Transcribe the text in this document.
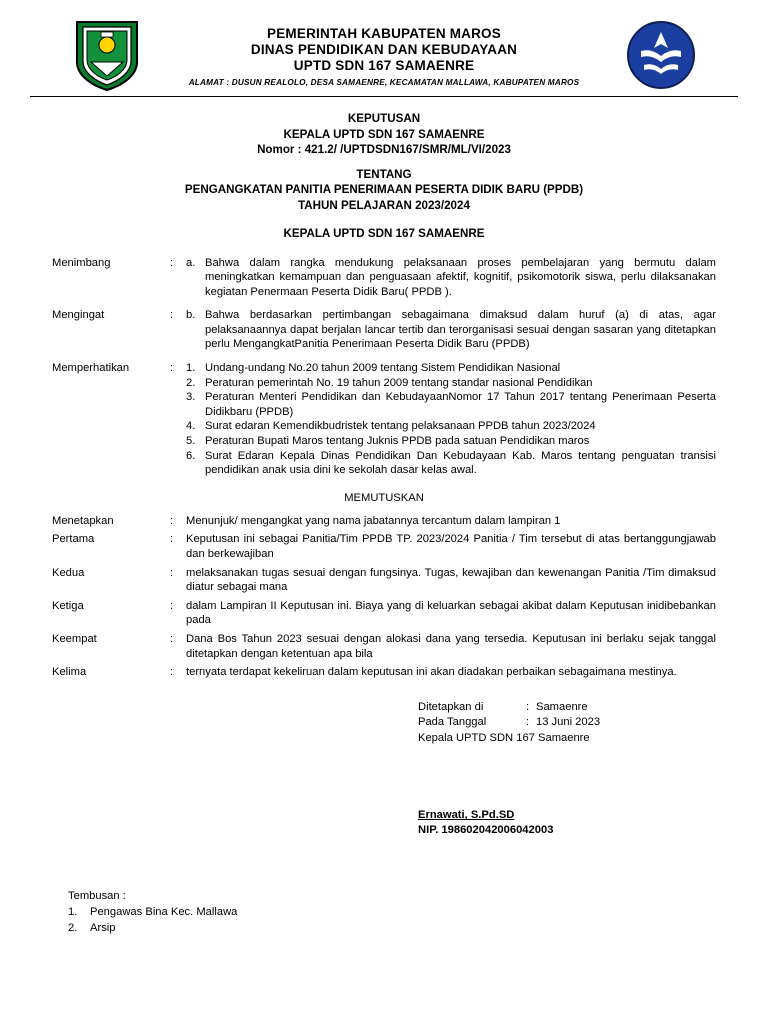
PEMERINTAH KABUPATEN MAROS
DINAS PENDIDIKAN DAN KEBUDAYAAN
UPTD SDN 167 SAMAENRE
ALAMAT : DUSUN REALOLO, DESA SAMAENRE, KECAMATAN MALLAWA, KABUPATEN MAROS
KEPUTUSAN
KEPALA UPTD SDN 167 SAMAENRE
Nomor : 421.2/ /UPTDSDN167/SMR/ML/VI/2023
TENTANG
PENGANGKATAN PANITIA PENERIMAAN PESERTA DIDIK BARU (PPDB)
TAHUN PELAJARAN 2023/2024
KEPALA UPTD SDN 167 SAMAENRE
Menimbang	:	a. Bahwa dalam rangka mendukung pelaksanaan proses pembelajaran yang bermutu dalam meningkatkan kemampuan dan penguasaan afektif, kognitif, psikomotorik siswa, perlu dilaksanakan kegiatan Penermaan Peserta Didik Baru( PPDB ).
Mengingat	:	b. Bahwa berdasarkan pertimbangan sebagaimana dimaksud dalam huruf (a) di atas, agar pelaksanaannya dapat berjalan lancar tertib dan terorganisasi sesuai dengan sasaran yang ditetapkan perlu MengangkatPanitia Penerimaan Peserta Didik Baru (PPDB)
Memperhatikan	:	1. Undang-undang No.20 tahun 2009 tentang Sistem Pendidikan Nasional
2. Peraturan pemerintah No. 19 tahun 2009 tentang standar nasional Pendidikan
3. Peraturan Menteri Pendidikan dan KebudayaanNomor 17 Tahun 2017 tentang Penerimaan Peserta Didikbaru (PPDB)
4. Surat edaran Kemendikbudristek tentang pelaksanaan PPDB tahun 2023/2024
5. Peraturan Bupati Maros tentang Juknis PPDB pada satuan Pendidikan maros
6. Surat Edaran Kepala Dinas Pendidikan Dan Kebudayaan Kab. Maros tentang penguatan transisi pendidikan anak usia dini ke sekolah dasar kelas awal.
MEMUTUSKAN
Menetapkan	:	Menunjuk/ mengangkat yang nama jabatannya tercantum dalam lampiran 1
Pertama	:	Keputusan ini sebagai Panitia/Tim PPDB TP. 2023/2024 Panitia / Tim tersebut di atas bertanggungjawab dan berkewajiban
Kedua	:	melaksanakan tugas sesuai dengan fungsinya. Tugas, kewajiban dan kewenangan Panitia /Tim dimaksud diatur sebagai mana
Ketiga	:	dalam Lampiran II Keputusan ini. Biaya yang di keluarkan sebagai akibat dalam Keputusan inidibebankan pada
Keempat	:	Dana Bos Tahun 2023 sesuai dengan alokasi dana yang tersedia. Keputusan ini berlaku sejak tanggal ditetapkan dengan ketentuan apa bila
Kelima	:	ternyata terdapat kekeliruan dalam keputusan ini akan diadakan perbaikan sebagaimana mestinya.
Ditetapkan di	: Samaenre
Pada Tanggal	: 13 Juni 2023
Kepala UPTD SDN 167 Samaenre
Ernawati, S.Pd.SD
NIP. 198602042006042003
Tembusan :
1.	Pengawas Bina Kec. Mallawa
2.	Arsip
